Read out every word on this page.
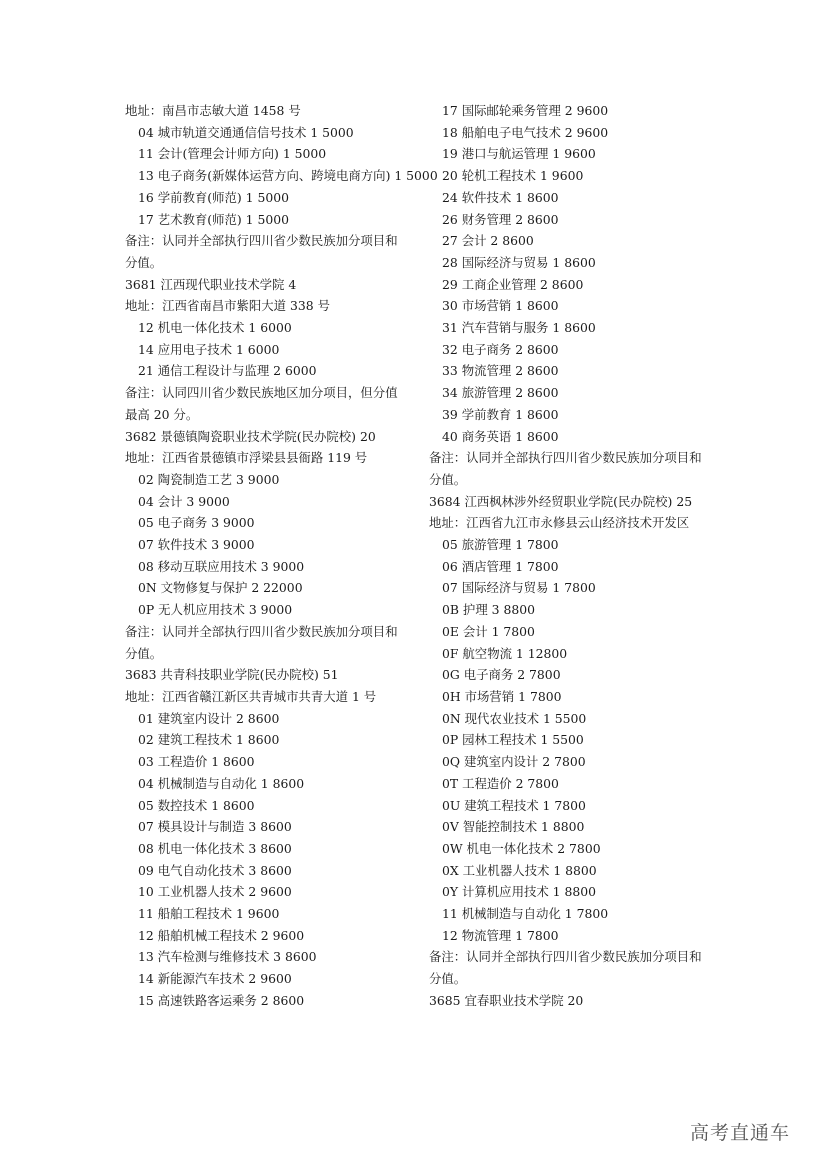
地址：南昌市志敏大道 1458 号
04 城市轨道交通通信信号技术 1 5000
11 会计(管理会计师方向) 1 5000
13 电子商务(新媒体运营方向、跨境电商方向) 1 5000
16 学前教育(师范) 1 5000
17 艺术教育(师范) 1 5000
备注：认同并全部执行四川省少数民族加分项目和分值。
3681 江西现代职业技术学院 4
地址：江西省南昌市紫阳大道 338 号
12 机电一体化技术 1 6000
14 应用电子技术 1 6000
21 通信工程设计与监理 2 6000
备注：认同四川省少数民族地区加分项目，但分值最高 20 分。
3682 景德镇陶瓷职业技术学院(民办院校) 20
地址：江西省景德镇市浮梁县县衙路 119 号
02 陶瓷制造工艺 3 9000
04 会计 3 9000
05 电子商务 3 9000
07 软件技术 3 9000
08 移动互联应用技术 3 9000
0N 文物修复与保护 2 22000
0P 无人机应用技术 3 9000
备注：认同并全部执行四川省少数民族加分项目和分值。
3683 共青科技职业学院(民办院校) 51
地址：江西省赣江新区共青城市共青大道 1 号
01 建筑室内设计 2 8600
02 建筑工程技术 1 8600
03 工程造价 1 8600
04 机械制造与自动化 1 8600
05 数控技术 1 8600
07 模具设计与制造 3 8600
08 机电一体化技术 3 8600
09 电气自动化技术 3 8600
10 工业机器人技术 2 9600
11 船舶工程技术 1 9600
12 船舶机械工程技术 2 9600
13 汽车检测与维修技术 3 8600
14 新能源汽车技术 2 9600
15 高速铁路客运乘务 2 8600
17 国际邮轮乘务管理 2 9600
18 船舶电子电气技术 2 9600
19 港口与航运管理 1 9600
20 轮机工程技术 1 9600
24 软件技术 1 8600
26 财务管理 2 8600
27 会计 2 8600
28 国际经济与贸易 1 8600
29 工商企业管理 2 8600
30 市场营销 1 8600
31 汽车营销与服务 1 8600
32 电子商务 2 8600
33 物流管理 2 8600
34 旅游管理 2 8600
39 学前教育 1 8600
40 商务英语 1 8600
备注：认同并全部执行四川省少数民族加分项目和分值。
3684 江西枫林涉外经贸职业学院(民办院校) 25
地址：江西省九江市永修县云山经济技术开发区
05 旅游管理 1 7800
06 酒店管理 1 7800
07 国际经济与贸易 1 7800
0B 护理 3 8800
0E 会计 1 7800
0F 航空物流 1 12800
0G 电子商务 2 7800
0H 市场营销 1 7800
0N 现代农业技术 1 5500
0P 园林工程技术 1 5500
0Q 建筑室内设计 2 7800
0T 工程造价 2 7800
0U 建筑工程技术 1 7800
0V 智能控制技术 1 8800
0W 机电一体化技术 2 7800
0X 工业机器人技术 1 8800
0Y 计算机应用技术 1 8800
11 机械制造与自动化 1 7800
12 物流管理 1 7800
备注：认同并全部执行四川省少数民族加分项目和分值。
3685 宜春职业技术学院 20
高考直通车
